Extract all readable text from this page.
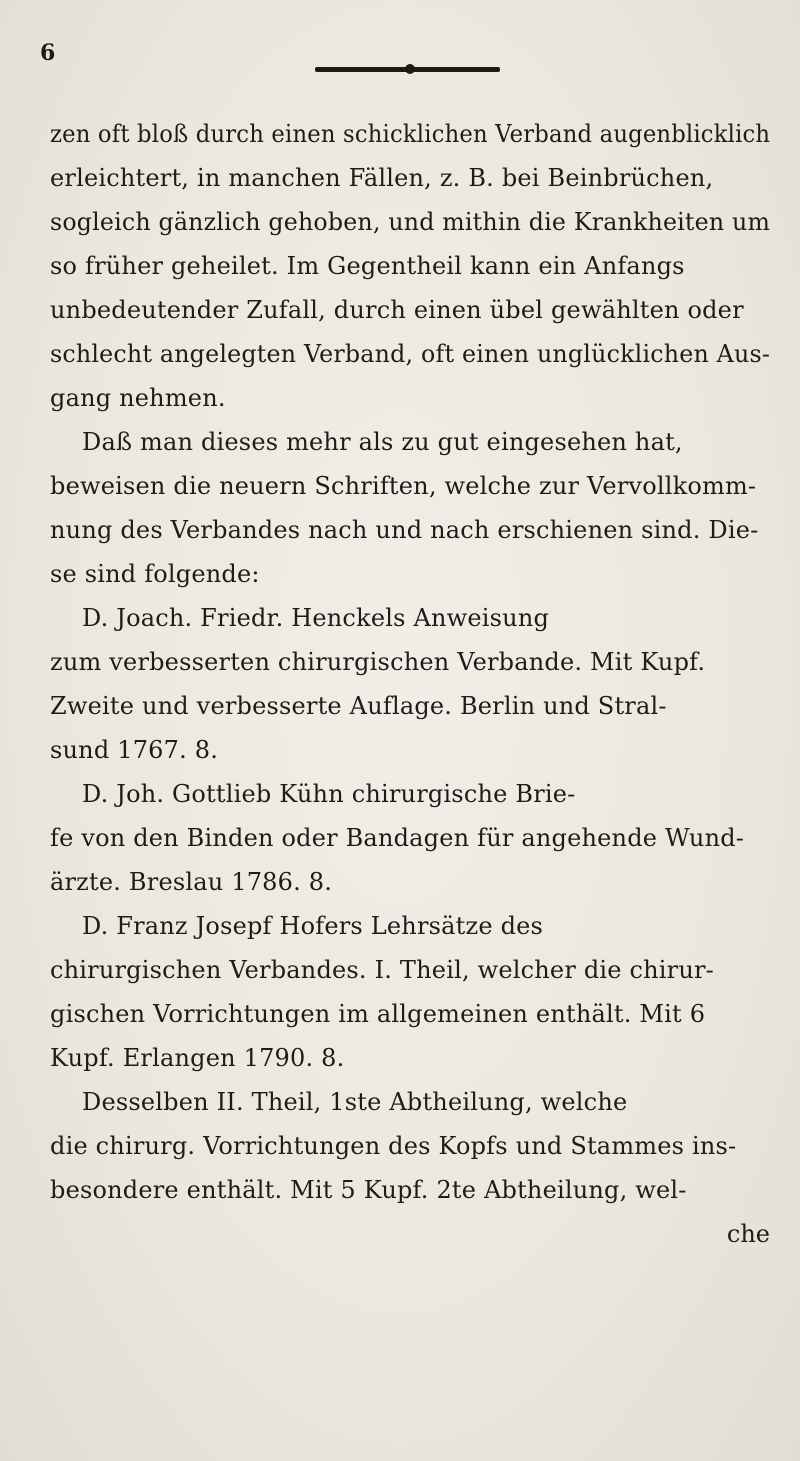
6
zen oft bloß durch einen schicklichen Verband augenblicklich
erleichtert, in manchen Fällen, z. B. bei Beinbrüchen,
sogleich gänzlich gehoben, und mithin die Krankheiten um
so früher geheilet. Im Gegentheil kann ein Anfangs
unbedeutender Zufall, durch einen übel gewählten oder
schlecht angelegten Verband, oft einen unglücklichen Aus-
gang nehmen.
Daß man dieses mehr als zu gut eingesehen hat,
beweisen die neuern Schriften, welche zur Vervollkomm-
nung des Verbandes nach und nach erschienen sind. Die-
se sind folgende:
D. Joach. Friedr. Henckels Anweisung
zum verbesserten chirurgischen Verbande. Mit Kupf.
Zweite und verbesserte Auflage. Berlin und Stral-
sund 1767. 8.
D. Joh. Gottlieb Kühn chirurgische Brie-
fe von den Binden oder Bandagen für angehende Wund-
ärzte. Breslau 1786. 8.
D. Franz Josepf Hofers Lehrsätze des
chirurgischen Verbandes. I. Theil, welcher die chirur-
gischen Vorrichtungen im allgemeinen enthält. Mit 6
Kupf. Erlangen 1790. 8.
Desselben II. Theil, 1ste Abtheilung, welche
die chirurg. Vorrichtungen des Kopfs und Stammes ins-
besondere enthält. Mit 5 Kupf. 2te Abtheilung, wel-
che
